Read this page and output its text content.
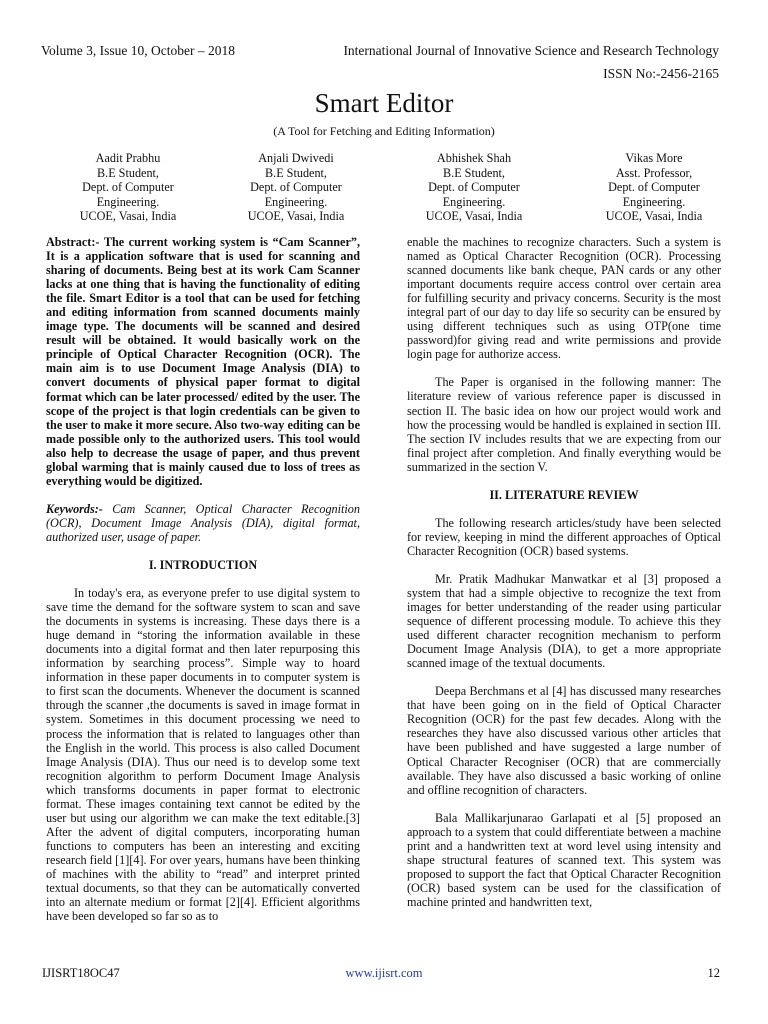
Volume 3, Issue 10, October – 2018	International Journal of Innovative Science and Research Technology
ISSN No:-2456-2165
Smart Editor
(A Tool for Fetching and Editing Information)
Aadit Prabhu
B.E Student,
Dept. of Computer
Engineering.
UCOE, Vasai, India
Anjali Dwivedi
B.E Student,
Dept. of Computer
Engineering.
UCOE, Vasai, India
Abhishek Shah
B.E Student,
Dept. of Computer
Engineering.
UCOE, Vasai, India
Vikas More
Asst. Professor,
Dept. of Computer
Engineering.
UCOE, Vasai, India

Abstract:- The current working system is “Cam Scanner”, It is a application software that is used for scanning and sharing of documents. Being best at its work Cam Scanner lacks at one thing that is having the functionality of editing the file. Smart Editor is a tool that can be used for fetching and editing information from scanned documents mainly image type. The documents will be scanned and desired result will be obtained. It would basically work on the principle of Optical Character Recognition (OCR). The main aim is to use Document Image Analysis (DIA) to convert documents of physical paper format to digital format which can be later processed/ edited by the user. The scope of the project is that login credentials can be given to the user to make it more secure. Also two-way editing can be made possible only to the authorized users. This tool would also help to decrease the usage of paper, and thus prevent global warming that is mainly caused due to loss of trees as everything would be digitized.

Keywords:- Cam Scanner, Optical Character Recognition (OCR), Document Image Analysis (DIA), digital format, authorized user, usage of paper.

I. INTRODUCTION

In today's era, as everyone prefer to use digital system to save time the demand for the software system to scan and save the documents in systems is increasing. These days there is a huge demand in “storing the information available in these documents into a digital format and then later repurposing this information by searching process”. Simple way to hoard information in these paper documents in to computer system is to first scan the documents. Whenever the document is scanned through the scanner ,the documents is saved in image format in system. Sometimes in this document processing we need to process the information that is related to languages other than the English in the world. This process is also called Document Image Analysis (DIA). Thus our need is to develop some text recognition algorithm to perform Document Image Analysis which transforms documents in paper format to electronic format. These images containing text cannot be edited by the user but using our algorithm we can make the text editable.[3] After the advent of digital computers, incorporating human functions to computers has been an interesting and exciting research field [1][4]. For over years, humans have been thinking of machines with the ability to “read” and interpret printed textual documents, so that they can be automatically converted into an alternate medium or format [2][4]. Efficient algorithms have been developed so far so as to

enable the machines to recognize characters. Such a system is named as Optical Character Recognition (OCR). Processing scanned documents like bank cheque, PAN cards or any other important documents require access control over certain area for fulfilling security and privacy concerns. Security is the most integral part of our day to day life so security can be ensured by using different techniques such as using OTP(one time password)for giving read and write permissions and provide login page for authorize access.

The Paper is organised in the following manner: The literature review of various reference paper is discussed in section II. The basic idea on how our project would work and how the processing would be handled is explained in section III. The section IV includes results that we are expecting from our final project after completion. And finally everything would be summarized in the section V.

II. LITERATURE REVIEW

The following research articles/study have been selected for review, keeping in mind the different approaches of Optical Character Recognition (OCR) based systems.

Mr. Pratik Madhukar Manwatkar et al [3] proposed a system that had a simple objective to recognize the text from images for better understanding of the reader using particular sequence of different processing module. To achieve this they used different character recognition mechanism to perform Document Image Analysis (DIA), to get a more appropriate scanned image of the textual documents.

Deepa Berchmans et al [4] has discussed many researches that have been going on in the field of Optical Character Recognition (OCR) for the past few decades. Along with the researches they have also discussed various other articles that have been published and have suggested a large number of Optical Character Recogniser (OCR) that are commercially available. They have also discussed a basic working of online and offline recognition of characters.

Bala Mallikarjunarao Garlapati et al [5] proposed an approach to a system that could differentiate between a machine print and a handwritten text at word level using intensity and shape structural features of scanned text. This system was proposed to support the fact that Optical Character Recognition (OCR) based system can be used for the classification of machine printed and handwritten text,

IJISRT18OC47	www.ijisrt.com	12
